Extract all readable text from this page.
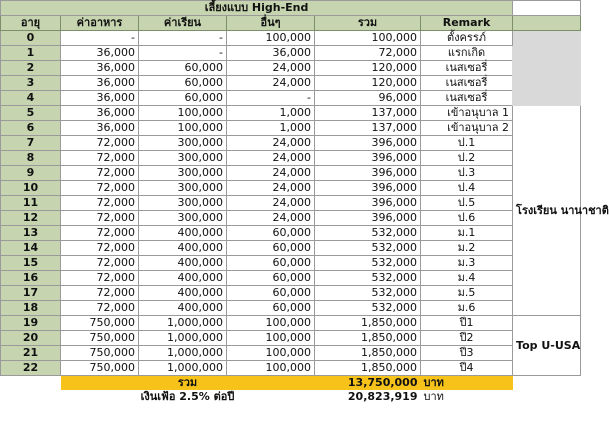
เลี้ยงแบบ High-End						
อายุ	ค่าอาหาร	ค่าเรียน	อื่นๆ	รวม	Remark	
0	-	-	100,000	100,000	ตั้งครรภ์	
1	36,000	-	36,000	72,000	แรกเกิด	
2	36,000	60,000	24,000	120,000	เนสเซอรี่	
3	36,000	60,000	24,000	120,000	เนสเซอรี่	
4	36,000	60,000	-	96,000	เนสเซอรี่	
5	36,000	100,000	1,000	137,000	เข้าอนุบาล 1	โรงเรียน นานาชาติ
6	36,000	100,000	1,000	137,000	เข้าอนุบาล 2	
7	72,000	300,000	24,000	396,000	ป.1	
8	72,000	300,000	24,000	396,000	ป.2	
9	72,000	300,000	24,000	396,000	ป.3	
10	72,000	300,000	24,000	396,000	ป.4	
11	72,000	300,000	24,000	396,000	ป.5	
12	72,000	300,000	24,000	396,000	ป.6	
13	72,000	400,000	60,000	532,000	ม.1	
14	72,000	400,000	60,000	532,000	ม.2	
15	72,000	400,000	60,000	532,000	ม.3	
16	72,000	400,000	60,000	532,000	ม.4	
17	72,000	400,000	60,000	532,000	ม.5	
18	72,000	400,000	60,000	532,000	ม.6	
19	750,000	1,000,000	100,000	1,850,000	ปี1	Top U-USA
20	750,000	1,000,000	100,000	1,850,000	ปี2	
21	750,000	1,000,000	100,000	1,850,000	ปี3	
22	750,000	1,000,000	100,000	1,850,000	ปี4	
	รวม			13,750,000	บาท	
	เงินเฟ้อ 2.5% ต่อปี			20,823,919	บาท	
